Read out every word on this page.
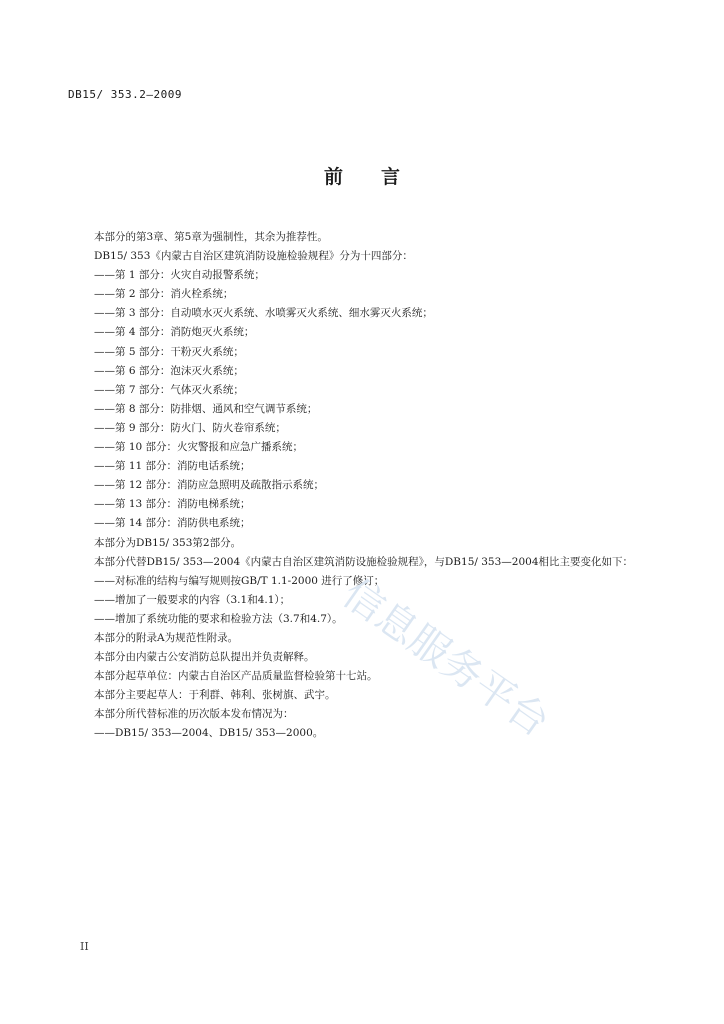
DB15/ 353.2—2009
前 言
本部分的第3章、第5章为强制性，其余为推荐性。
DB15/ 353《内蒙古自治区建筑消防设施检验规程》分为十四部分：
——第 1 部分：火灾自动报警系统；
——第 2 部分：消火栓系统；
——第 3 部分：自动喷水灭火系统、水喷雾灭火系统、细水雾灭火系统；
——第 4 部分：消防炮灭火系统；
——第 5 部分：干粉灭火系统；
——第 6 部分：泡沫灭火系统；
——第 7 部分：气体灭火系统；
——第 8 部分：防排烟、通风和空气调节系统；
——第 9 部分：防火门、防火卷帘系统；
——第 10 部分：火灾警报和应急广播系统；
——第 11 部分：消防电话系统；
——第 12 部分：消防应急照明及疏散指示系统；
——第 13 部分：消防电梯系统；
——第 14 部分：消防供电系统；
本部分为DB15/ 353第2部分。
本部分代替DB15/ 353—2004《内蒙古自治区建筑消防设施检验规程》，与DB15/ 353—2004相比主要变化如下：
——对标准的结构与编写规则按GB/T 1.1-2000 进行了修订；
——增加了一般要求的内容（3.1和4.1）；
——增加了系统功能的要求和检验方法（3.7和4.7）。
本部分的附录A为规范性附录。
本部分由内蒙古公安消防总队提出并负责解释。
本部分起草单位：内蒙古自治区产品质量监督检验第十七站。
本部分主要起草人：于利群、韩利、张树旗、武宇。
本部分所代替标准的历次版本发布情况为：
——DB15/ 353—2004、DB15/ 353—2000。 信息服务平台
II
